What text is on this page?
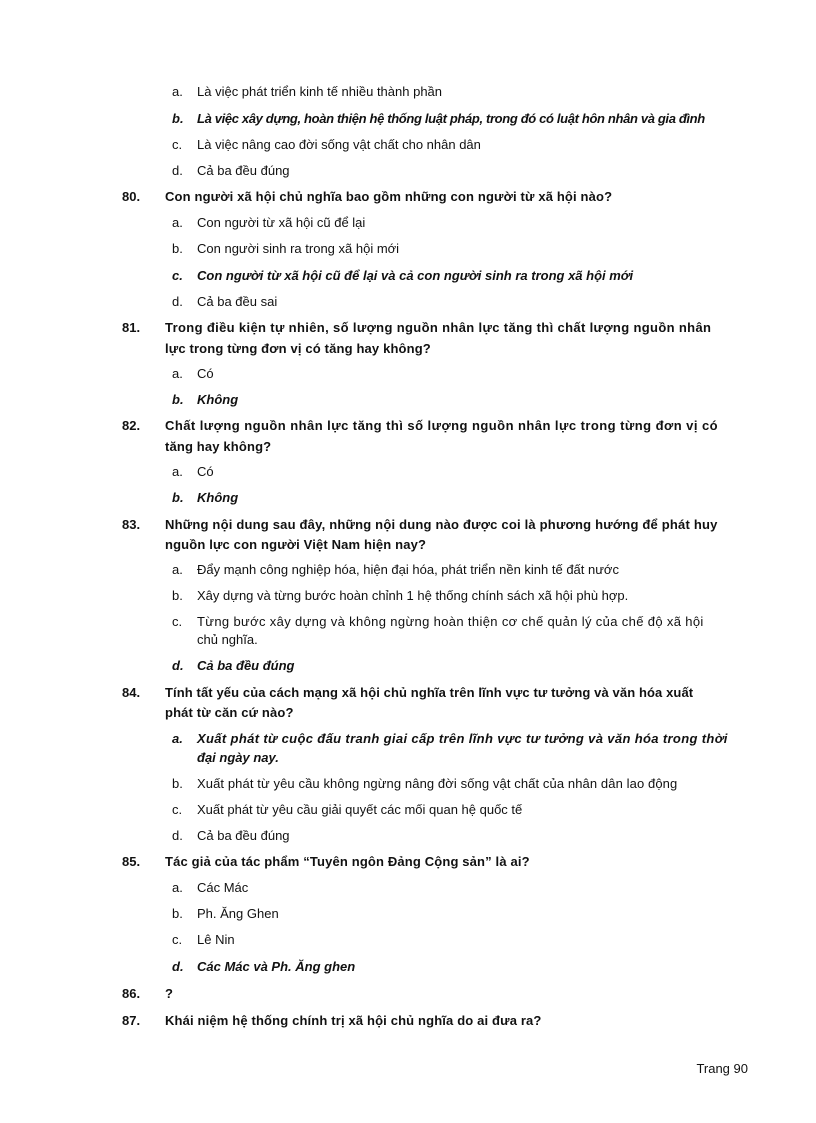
a. Là việc phát triển kinh tế nhiều thành phần
b. Là việc xây dựng, hoàn thiện hệ thống luật pháp, trong đó có luật hôn nhân và gia đình
c. Là việc nâng cao đời sống vật chất cho nhân dân
d. Cả ba đều đúng
80. Con người xã hội chủ nghĩa bao gồm những con người từ xã hội nào?
a. Con người từ xã hội cũ để lại
b. Con người sinh ra trong xã hội mới
c. Con người từ xã hội cũ để lại và cả con người sinh ra trong xã hội mới
d. Cả ba đều sai
81. Trong điều kiện tự nhiên, số lượng nguồn nhân lực tăng thì chất lượng nguồn nhân
lực trong từng đơn vị có tăng hay không?
a. Có
b. Không
82. Chất lượng nguồn nhân lực tăng thì số lượng nguồn nhân lực trong từng đơn vị có
tăng hay không?
a. Có
b. Không
83. Những nội dung sau đây, những nội dung nào được coi là phương hướng để phát huy
nguồn lực con người Việt Nam hiện nay?
a. Đẩy mạnh công nghiệp hóa, hiện đại hóa, phát triển nền kinh tế đất nước
b. Xây dựng và từng bước hoàn chỉnh 1 hệ thống chính sách xã hội phù hợp.
c. Từng bước xây dựng và không ngừng hoàn thiện cơ chế quản lý của chế độ xã hội
chủ nghĩa.
d. Cả ba đều đúng
84. Tính tất yếu của cách mạng xã hội chủ nghĩa trên lĩnh vực tư tưởng và văn hóa xuất
phát từ căn cứ nào?
a. Xuất phát từ cuộc đấu tranh giai cấp trên lĩnh vực tư tưởng và văn hóa trong thời
đại ngày nay.
b. Xuất phát từ yêu cầu không ngừng nâng đời sống vật chất của nhân dân lao động
c. Xuất phát từ yêu cầu giải quyết các mối quan hệ quốc tế
d. Cả ba đều đúng
85. Tác giả của tác phẩm “Tuyên ngôn Đảng Cộng sản” là ai?
a. Các Mác
b. Ph. Ăng Ghen
c. Lê Nin
d. Các Mác và Ph. Ăng ghen
86. ?
87. Khái niệm hệ thống chính trị xã hội chủ nghĩa do ai đưa ra?
Trang 90
